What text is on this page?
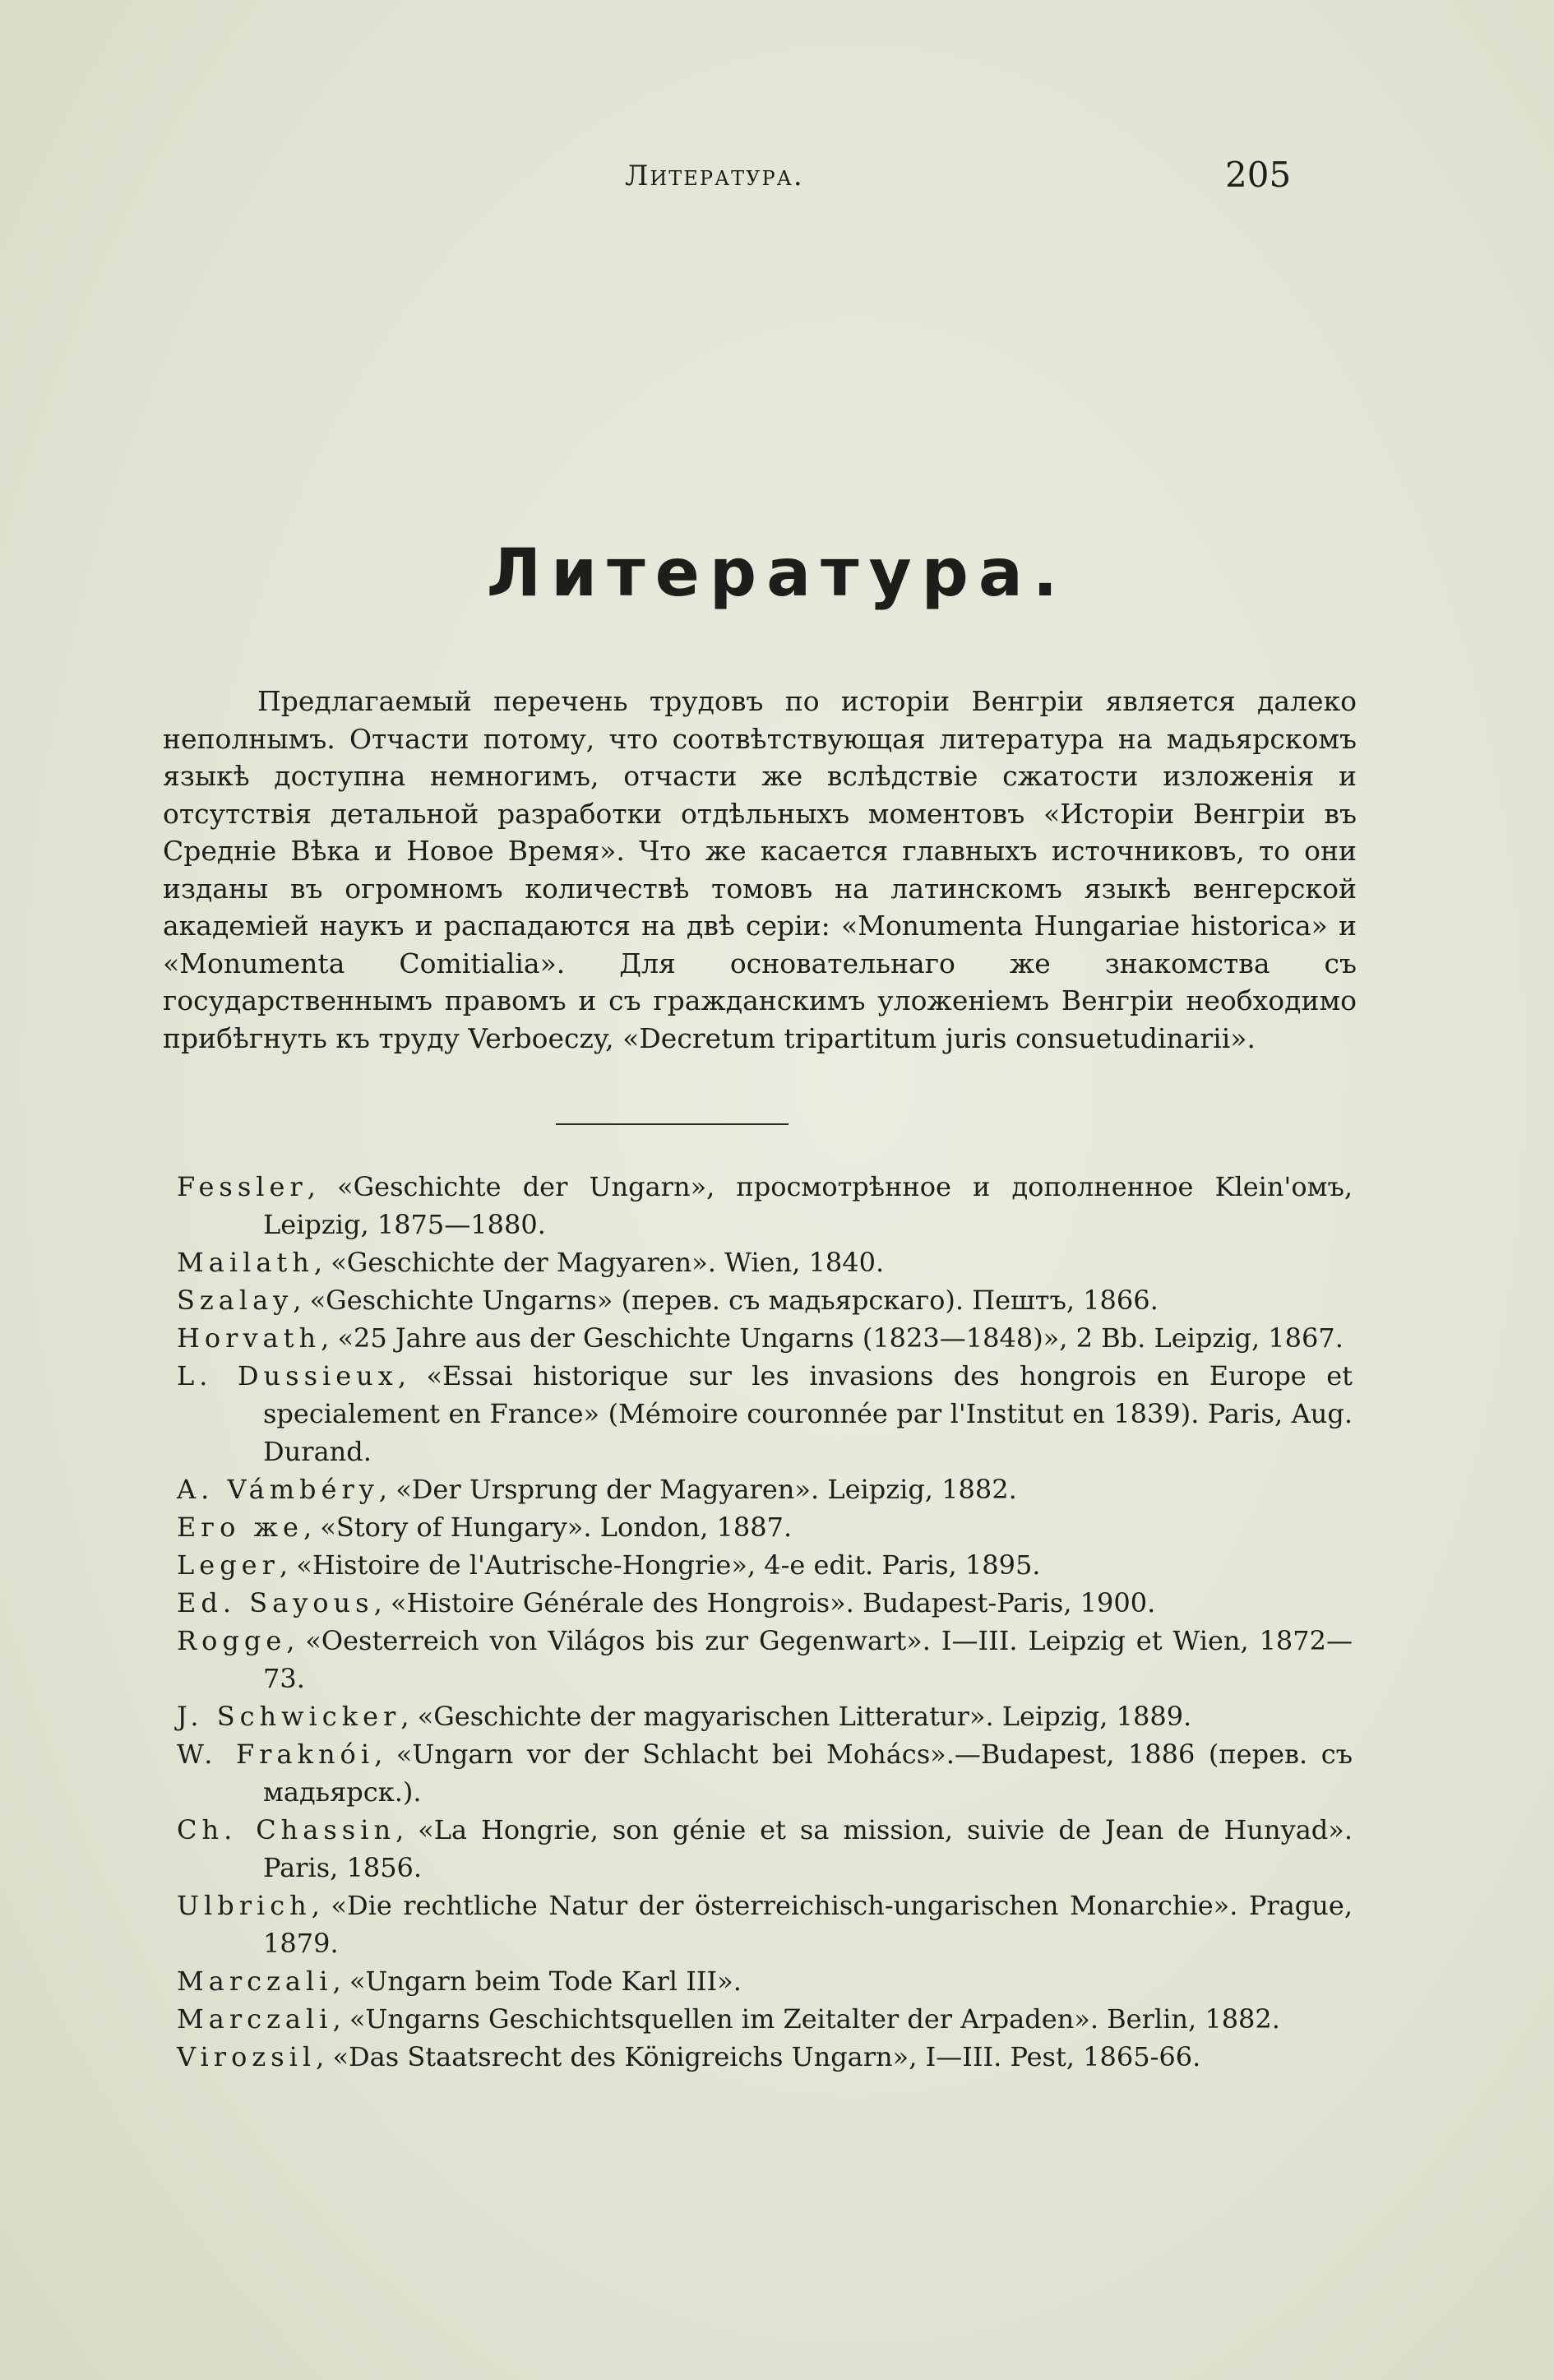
Литература.	205
Литература.

Предлагаемый перечень трудовъ по исторіи Венгріи является далеко неполнымъ. Отчасти потому, что соотвѣтствующая литература на мадьярскомъ языкѣ доступна немногимъ, отчасти же вслѣдствіе сжатости изложенія и отсутствія детальной разработки отдѣльныхъ моментовъ «Исторіи Венгріи въ Средніе Вѣка и Новое Время». Что же касается главныхъ источниковъ, то они изданы въ огромномъ количествѣ томовъ на латинскомъ языкѣ венгерской академіей наукъ и распадаются на двѣ серіи: «Monumenta Hungariae historica» и «Monumenta Comitialia». Для основательнаго же знакомства съ государственнымъ правомъ и съ гражданскимъ уложеніемъ Венгріи необходимо прибѣгнуть къ труду Verboeczy, «Decretum tripartitum juris consuetudinarii».

Fessler, «Geschichte der Ungarn», просмотрѣнное и дополненное Klein'омъ, Leipzig, 1875—1880.
Mailath, «Geschichte der Magyaren». Wien, 1840.
Szalay, «Geschichte Ungarns» (перев. съ мадьярскаго). Пештъ, 1866.
Horvath, «25 Jahre aus der Geschichte Ungarns (1823—1848)», 2 Bb. Leipzig, 1867.
L. Dussieux, «Essai historique sur les invasions des hongrois en Europe et specialement en France» (Mémoire couronnée par l'Institut en 1839). Paris, Aug. Durand.
A. Vámbéry, «Der Ursprung der Magyaren». Leipzig, 1882.
Его же, «Story of Hungary». London, 1887.
Leger, «Histoire de l'Autrische-Hongrie», 4-e edit. Paris, 1895.
Ed. Sayous, «Histoire Générale des Hongrois». Budapest-Paris, 1900.
Rogge, «Oesterreich von Világos bis zur Gegenwart». I—III. Leipzig et Wien, 1872—73.
J. Schwicker, «Geschichte der magyarischen Litteratur». Leipzig, 1889.
W. Fraknói, «Ungarn vor der Schlacht bei Mohács».—Budapest, 1886 (перев. съ мадьярск.).
Ch. Chassin, «La Hongrie, son génie et sa mission, suivie de Jean de Hunyad». Paris, 1856.
Ulbrich, «Die rechtliche Natur der österreichisch-ungarischen Monarchie». Prague, 1879.
Marczali, «Ungarn beim Tode Karl III».
Marczali, «Ungarns Geschichtsquellen im Zeitalter der Arpaden». Berlin, 1882.
Virozsil, «Das Staatsrecht des Königreichs Ungarn», I—III. Pest, 1865-66.
